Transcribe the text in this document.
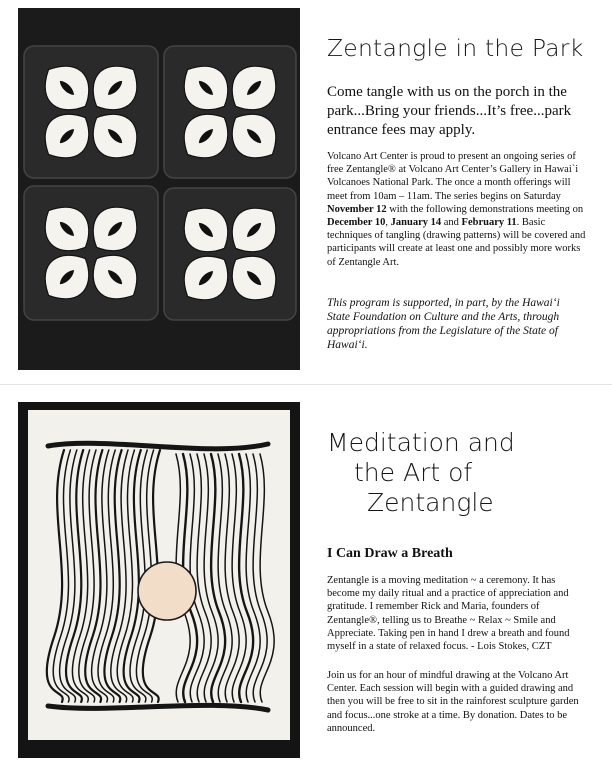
Zentangle in the Park

Come tangle with us on the porch in the park...Bring your friends...It’s free...park entrance fees may apply.

Volcano Art Center is proud to present an ongoing series of free Zentangle® at Volcano Art Center’s Gallery in Hawai`i Volcanoes National Park. The once a month offerings will meet from 10am – 11am. The series begins on Saturday November 12 with the following demonstrations meeting on December 10, January 14 and February 11. Basic techniques of tangling (drawing patterns) will be covered and participants will create at least one and possibly more works of Zentangle Art.

This program is supported, in part, by the Hawai‘i State Foundation on Culture and the Arts, through appropriations from the Legislature of the State of Hawai‘i.

Meditation and
the Art of
Zentangle

I Can Draw a Breath

Zentangle is a moving meditation ~ a ceremony. It has become my daily ritual and a practice of appreciation and gratitude. I remember Rick and Maria, founders of Zentangle®, telling us to Breathe ~ Relax ~ Smile and Appreciate. Taking pen in hand I drew a breath and found myself in a state of relaxed focus. - Lois Stokes, CZT

Join us for an hour of mindful drawing at the Volcano Art Center. Each session will begin with a guided drawing and then you will be free to sit in the rainforest sculpture garden and focus...one stroke at a time. By donation. Dates to be announced.
